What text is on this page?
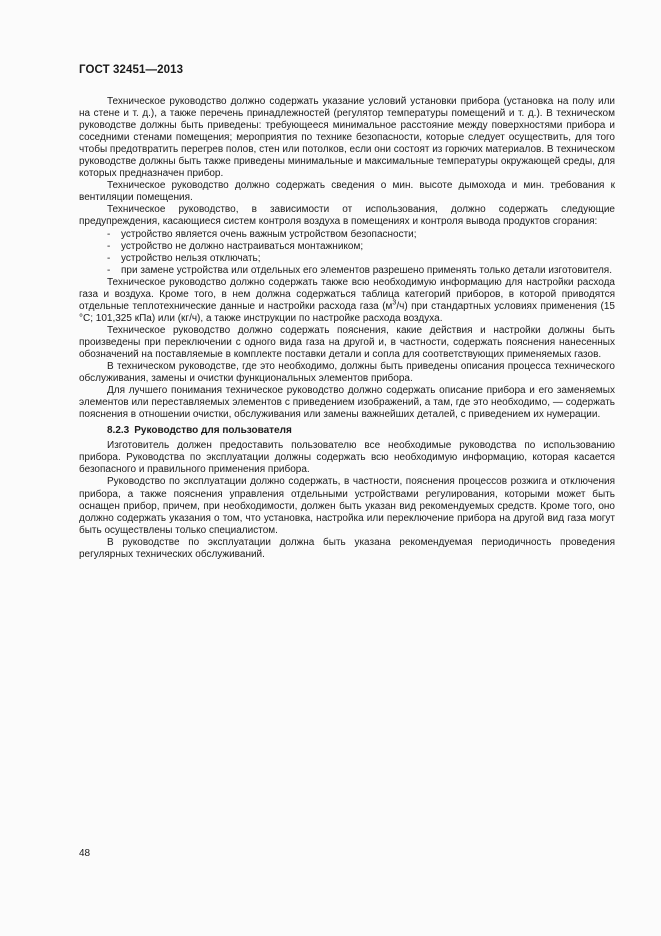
ГОСТ 32451—2013

Техническое руководство должно содержать указание условий установки прибора (установка на полу или на стене и т. д.), а также перечень принадлежностей (регулятор температуры помещений и т. д.). В техническом руководстве должны быть приведены: требующееся минимальное расстояние между поверхностями прибора и соседними стенами помещения; мероприятия по технике безопасности, которые следует осуществить, для того чтобы предотвратить перегрев полов, стен или потолков, если они состоят из горючих материалов. В техническом руководстве должны быть также приведены минимальные и максимальные температуры окружающей среды, для которых предназначен прибор.

Техническое руководство должно содержать сведения о мин. высоте дымохода и мин. требования к вентиляции помещения.

Техническое руководство, в зависимости от использования, должно содержать следующие предупреждения, касающиеся систем контроля воздуха в помещениях и контроля вывода продуктов сгорания:

-	устройство является очень важным устройством безопасности;
-	устройство не должно настраиваться монтажником;
-	устройство нельзя отключать;
- при замене устройства или отдельных его элементов разрешено применять только детали изготовителя.

Техническое руководство должно содержать также всю необходимую информацию для настройки расхода газа и воздуха. Кроме того, в нем должна содержаться таблица категорий приборов, в которой приводятся отдельные теплотехнические данные и настройки расхода газа $(м^3/ч)$ при стандартных условиях применения (15 °С; 101,325 кПа) или (кг/ч), а также инструкции по настройке расхода воздуха.

Техническое руководство должно содержать пояснения, какие действия и настройки должны быть произведены при переключении с одного вида газа на другой и, в частности, содержать пояснения нанесенных обозначений на поставляемые в комплекте поставки детали и сопла для соответствующих применяемых газов.

В техническом руководстве, где это необходимо, должны быть приведены описания процесса технического обслуживания, замены и очистки функциональных элементов прибора.

Для лучшего понимания техническое руководство должно содержать описание прибора и его заменяемых элементов или переставляемых элементов с приведением изображений, а там, где это необходимо, — содержать пояснения в отношении очистки, обслуживания или замены важнейших деталей, с приведением их нумерации.

8.2.3 Руководство для пользователя

Изготовитель должен предоставить пользователю все необходимые руководства по использованию прибора. Руководства по эксплуатации должны содержать всю необходимую информацию, которая касается безопасного и правильного применения прибора.

Руководство по эксплуатации должно содержать, в частности, пояснения процессов розжига и отключения прибора, а также пояснения управления отдельными устройствами регулирования, которыми может быть оснащен прибор, причем, при необходимости, должен быть указан вид рекомендуемых средств. Кроме того, оно должно содержать указания о том, что установка, настройка или переключение прибора на другой вид газа могут быть осуществлены только специалистом.

В руководстве по эксплуатации должна быть указана рекомендуемая периодичность проведения регулярных технических обслуживаний.

48
